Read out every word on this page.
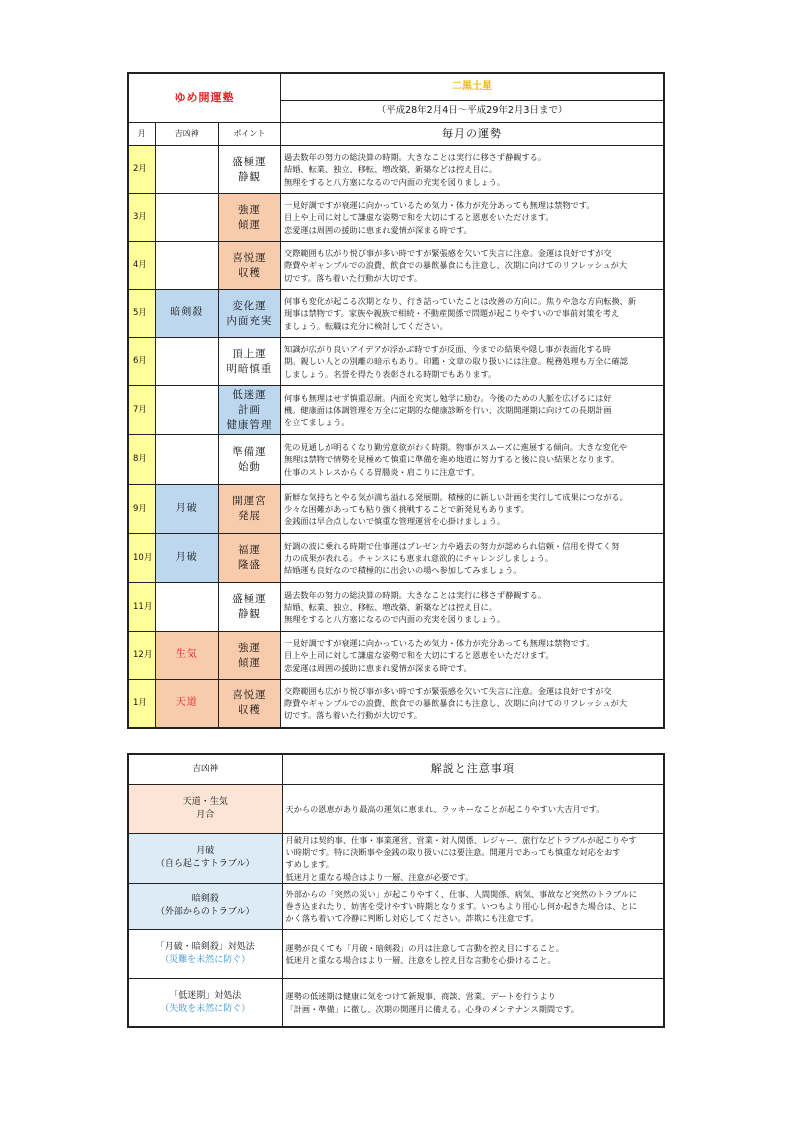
ゆめ開運塾			二黒土星
			（平成28年2月4日～平成29年2月3日まで）
月	吉凶神	ポイント	毎月の運勢
2月		盛極運
静観	過去数年の努力の総決算の時期。大きなことは実行に移さず静観する。
結婚、転業、独立、移転、増改築、新築などは控え目に。
無理をすると八方塞になるので内面の充実を図りましょう。

3月		強運
傾運	一見好調ですが衰運に向かっているため気力・体力が充分あっても無理は禁物です。
目上や上司に対して謙虚な姿勢で和を大切にすると恩恵をいただけます。
恋愛運は周囲の援助に恵まれ愛情が深まる時です。

4月		喜悦運
収穫	交際範囲も広がり悦び事が多い時ですが緊張感を欠いて失言に注意。金運は良好ですが交
際費やギャンブルでの浪費、飲食での暴飲暴食にも注意し、次期に向けてのリフレッシュが大
切です。落ち着いた行動が大切です。

5月	暗剣殺	変化運
内面充実	何事も変化が起こる次期となり、行き詰っていたことは改善の方向に。焦りや急な方向転換、新
規事は禁物です。家族や親族で相続・不動産関係で問題が起こりやすいので事前対策を考え
ましょう。転職は充分に検討してください。

6月		頂上運
明暗慎重	知識が広がり良いアイデアが浮かぶ時ですが反面、今までの結果や隠し事が表面化する時
期。親しい人との別離の暗示もあり。印鑑・文章の取り扱いには注意。税務処理も万全に確認
しましょう。名誉を得たり表彰される時期でもあります。

7月		低迷運
計画
健康管理	何事も無理はせず慎重忍耐。内面を充実し勉学に励む。今後のための人脈を広げるには好
機。健康面は体調管理を万全に定期的な健康診断を行い、次期開運期に向けての長期計画
を立てましょう。

8月		準備運
始動	先の見通しが明るくなり勤労意欲がわく時期。物事がスムーズに進展する傾向。大きな変化や
無理は禁物で情勢を見極めて慎重に準備を進め地道に努力すると後に良い結果となります。
仕事のストレスからくる胃腸炎・肩こりに注意です。

9月	月破	開運宮
発展	新鮮な気持ちとやる気が満ち溢れる発展期。積極的に新しい計画を実行して成果につながる。
少々な困難があっても粘り強く挑戦することで新発見もあります。
金銭面は早合点しないで慎重な管理運営を心掛けましょう。

10月	月破	福運
隆盛	好調の波に乗れる時期で仕事運はプレゼン力や過去の努力が認められ信頼・信用を得てく努
力の成果が表れる。チャンスにも恵まれ意欲的にチャレンジしましょう。
結婚運も良好なので積極的に出会いの場へ参加してみましょう。

11月		盛極運
静観	過去数年の努力の総決算の時期。大きなことは実行に移さず静観する。
結婚、転業、独立、移転、増改築、新築などは控え目に。
無理をすると八方塞になるので内面の充実を図りましょう。

12月	生気	強運
傾運	一見好調ですが衰運に向かっているため気力・体力が充分あっても無理は禁物です。
目上や上司に対して謙虚な姿勢で和を大切にすると恩恵をいただけます。
恋愛運は周囲の援助に恵まれ愛情が深まる時です。

1月	天道	喜悦運
収穫	交際範囲も広がり悦び事が多い時ですが緊張感を欠いて失言に注意。金運は良好ですが交
際費やギャンブルでの浪費、飲食での暴飲暴食にも注意し、次期に向けてのリフレッシュが大
切です。落ち着いた行動が大切です。
吉凶神	解説と注意事項

天道・生気
月合	天からの恩恵があり最高の運気に恵まれ、ラッキーなことが起こりやすい大吉月です。

月破
（自ら起こすトラブル）	月破月は契約事、仕事・事業運営、営業・対人関係、レジャー、旅行などトラブルが起こりやす
い時期です。特に決断事や金銭の取り扱いには要注意。開運月であっても慎重な対応をおす
すめします。
低迷月と重なる場合はより一層、注意が必要です。

暗剣殺
（外部からのトラブル）	外部からの「突然の災い」が起こりやすく、仕事、人間関係、病気、事故など突然のトラブルに
巻き込まれたり、妨害を受けやすい時期となります。いつもより用心し何か起きた場合は、とに
かく落ち着いて冷静に判断し対応してください。詐欺にも注意です。

「月破・暗剣殺」対処法
（災難を未然に防ぐ）	運勢が良くても「月破・暗剣殺」の月は注意して言動を控え目にすること。
低迷月と重なる場合はより一層、注意をし控え目な言動を心掛けること。

「低迷期」対処法
（失敗を未然に防ぐ）	運勢の低迷期は健康に気をつけて新規事、商談、営業、デートを行うより
「計画・準備」に徹し、次期の開運月に備える。心身のメンテナンス期間です。
